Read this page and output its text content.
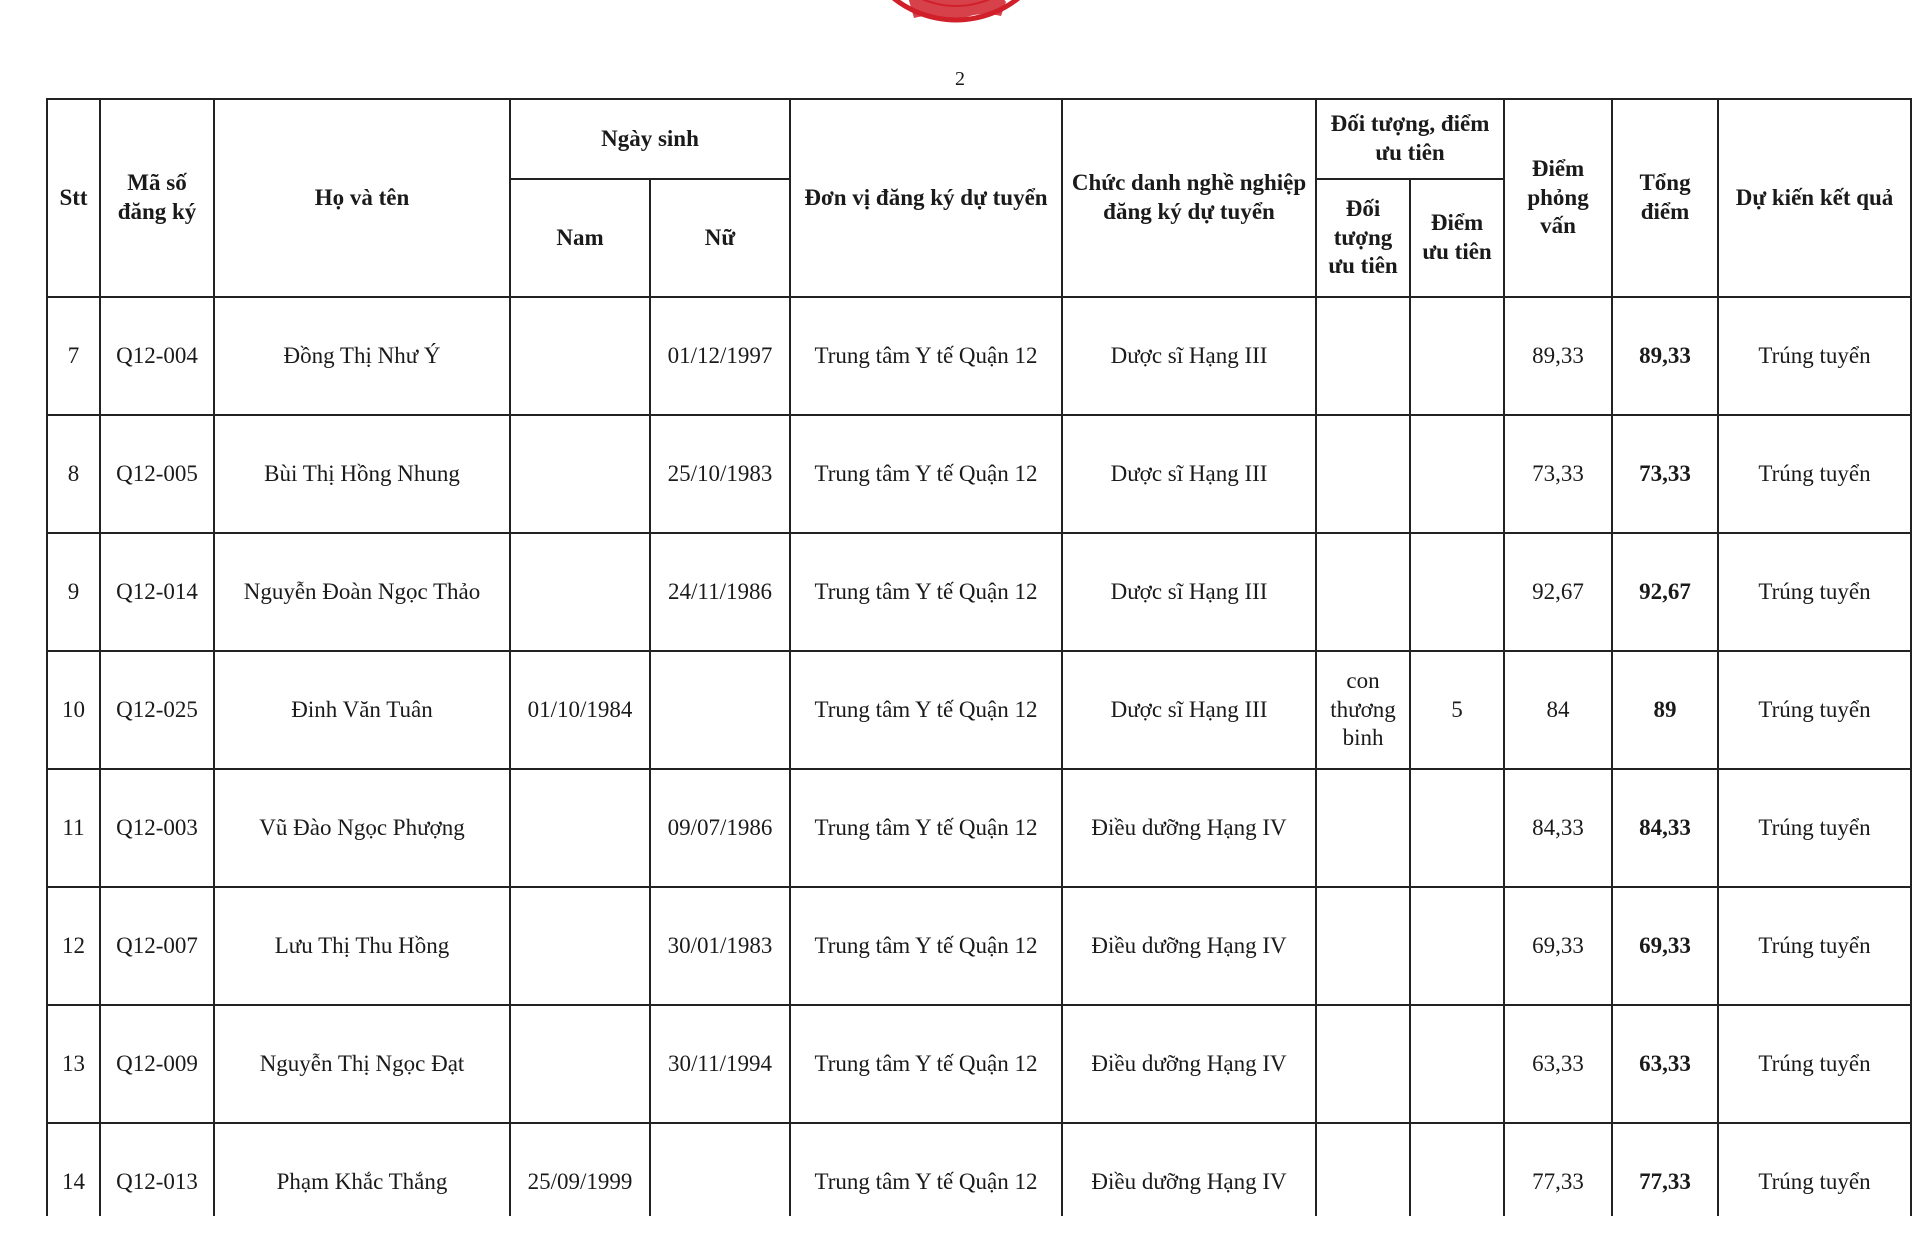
2
Stt	Mã số đăng ký	Họ và tên	Ngày sinh		Đơn vị đăng ký dự tuyển	Chức danh nghề nghiệp đăng ký dự tuyển	Đối tượng, điểm ưu tiên		Điểm phỏng vấn	Tổng điểm	Dự kiến kết quả
			Nam	Nữ			Đối tượng ưu tiên	Điểm ưu tiên			
7	Q12-004	Đồng Thị Như Ý		01/12/1997	Trung tâm Y tế Quận 12	Dược sĩ Hạng III			89,33	89,33	Trúng tuyển
8	Q12-005	Bùi Thị Hồng Nhung		25/10/1983	Trung tâm Y tế Quận 12	Dược sĩ Hạng III			73,33	73,33	Trúng tuyển
9	Q12-014	Nguyễn Đoàn Ngọc Thảo		24/11/1986	Trung tâm Y tế Quận 12	Dược sĩ Hạng III			92,67	92,67	Trúng tuyển
10	Q12-025	Đinh Văn Tuân	01/10/1984		Trung tâm Y tế Quận 12	Dược sĩ Hạng III	con thương binh	5	84	89	Trúng tuyển
11	Q12-003	Vũ Đào Ngọc Phượng		09/07/1986	Trung tâm Y tế Quận 12	Điều dưỡng Hạng IV			84,33	84,33	Trúng tuyển
12	Q12-007	Lưu Thị Thu Hồng		30/01/1983	Trung tâm Y tế Quận 12	Điều dưỡng Hạng IV			69,33	69,33	Trúng tuyển
13	Q12-009	Nguyễn Thị Ngọc Đạt		30/11/1994	Trung tâm Y tế Quận 12	Điều dưỡng Hạng IV			63,33	63,33	Trúng tuyển
14	Q12-013	Phạm Khắc Thắng	25/09/1999		Trung tâm Y tế Quận 12	Điều dưỡng Hạng IV			77,33	77,33	Trúng tuyển
